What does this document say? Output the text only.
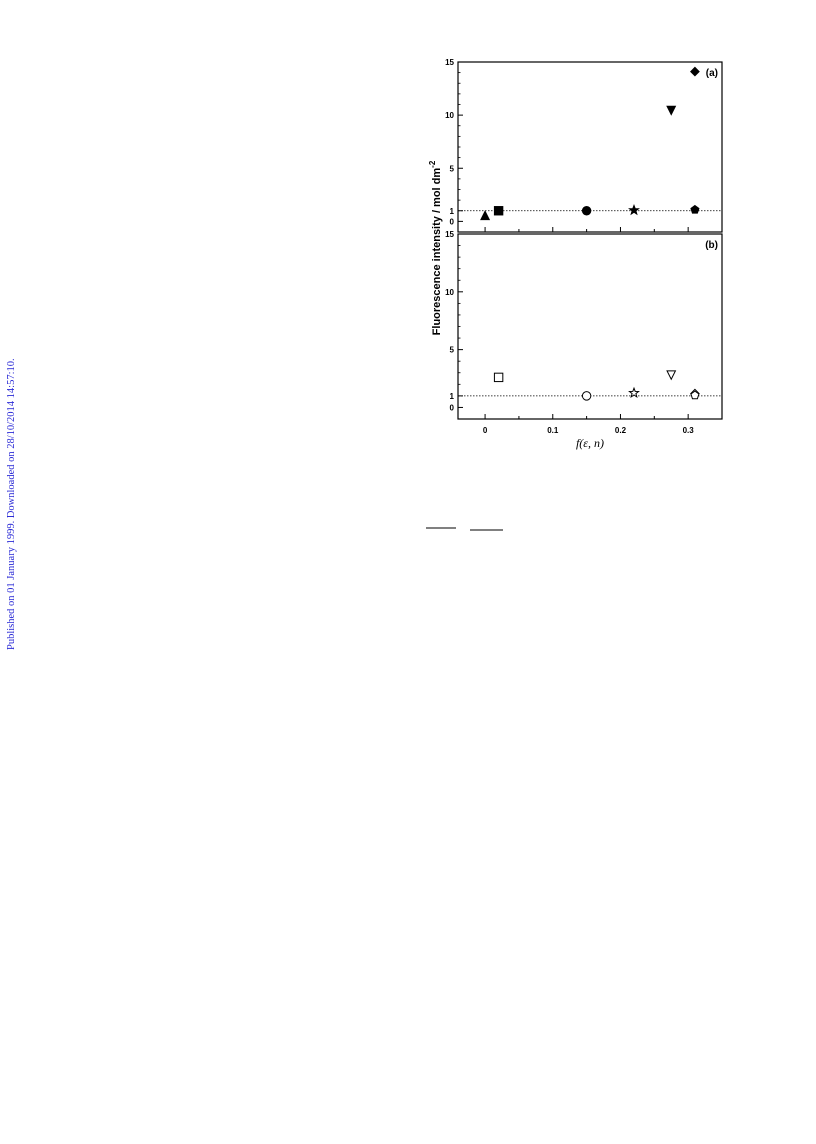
Published on 01 January 1999. Downloaded on 28/10/2014 14:57:10.
0
1
5
10
15
(a)
0
1
5
10
15
(b)
0	0.1	0.2	0.3
f(ε, n)
Fluorescence intensity / mol $dm^{-2}$
